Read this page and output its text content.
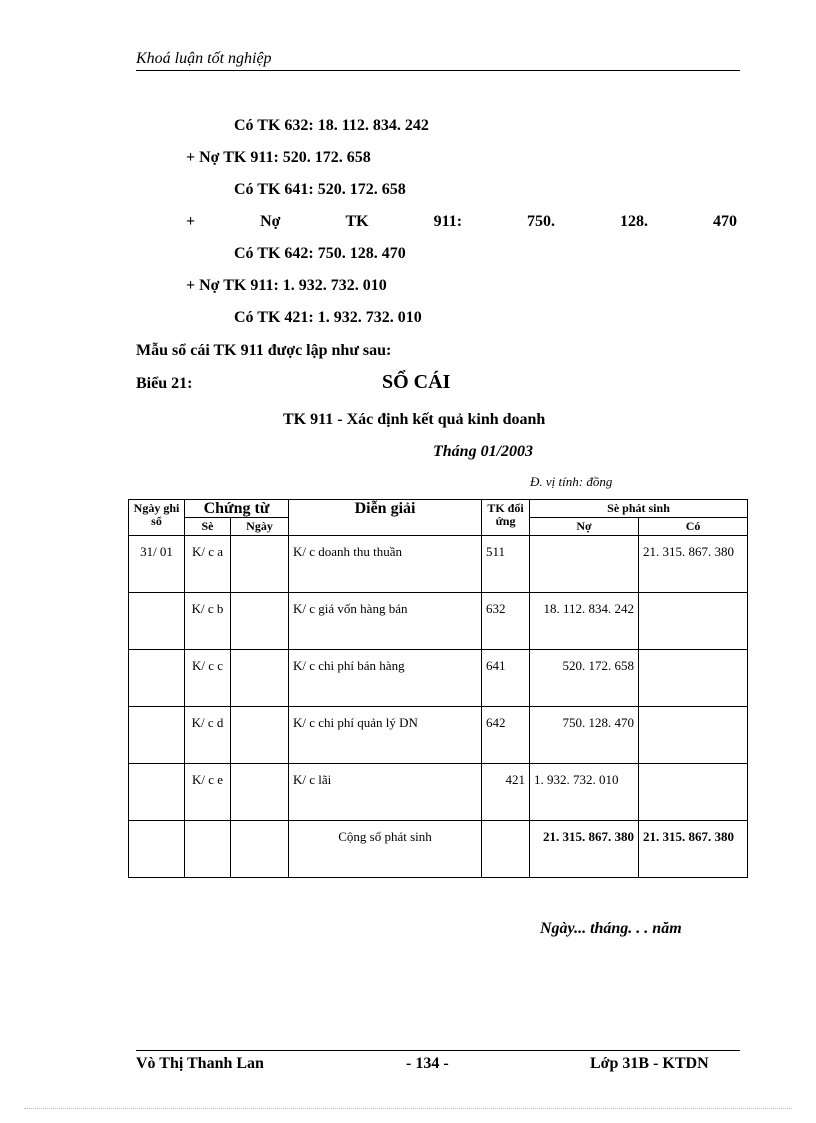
Khoá luận tốt nghiệp
Có TK 632: 18. 112. 834. 242
+ Nợ TK 911: 520. 172. 658
Có TK 641: 520. 172. 658
+	Nợ	TK	911:	750.	128.	470
Có TK 642: 750. 128. 470
+ Nợ TK 911: 1. 932. 732. 010
Có TK 421: 1. 932. 732. 010
Mẫu sổ cái TK 911 được lập như sau:
Biểu 21:	SỔ CÁI
TK 911 - Xác định kết quả kinh doanh
Tháng 01/2003
Đ. vị tính: đồng
Ngày ghi sổ	Chứng từ		Diễn giải	TK đối ứng	Sè phát sinh	
	Sè	Ngày			Nợ	Có
31/ 01	K/ c a		K/ c doanh thu thuần	511		21. 315. 867. 380
	K/ c b		K/ c giá vốn hàng bán	632	18. 112. 834. 242	
	K/ c c		K/ c chi phí bán hàng	641	520. 172. 658	
	K/ c d		K/ c chi phí quản lý DN	642	750. 128. 470	
	K/ c e		K/ c lãi	421	1. 932. 732. 010	
			Cộng số phát sinh		21. 315. 867. 380	21. 315. 867. 380
Ngày... tháng. . . năm
Vò Thị Thanh Lan	- 134 -	Lớp 31B - KTDN
